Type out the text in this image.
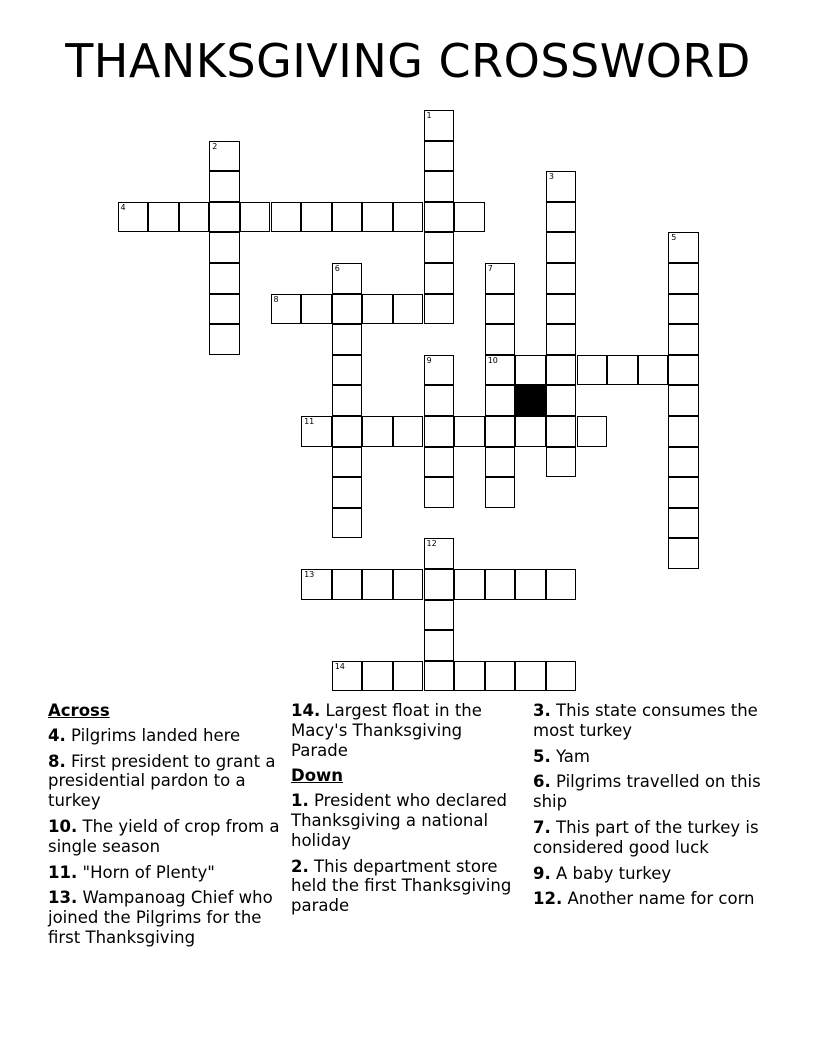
THANKSGIVING CROSSWORD
1
2
3
4
5
6	7
10
8
9
11
12
13
14
Across
4. Pilgrims landed here
8. First president to grant a presidential pardon to a turkey
10. The yield of crop from a single season
11. "Horn of Plenty"
13. Wampanoag Chief who joined the Pilgrims for the first Thanksgiving
14. Largest float in the Macy's Thanksgiving Parade
Down
1. President who declared Thanksgiving a national holiday
2. This department store held the first Thanksgiving parade
3. This state consumes the most turkey
5. Yam
6. Pilgrims travelled on this ship
7. This part of the turkey is considered good luck
9. A baby turkey
12. Another name for corn
